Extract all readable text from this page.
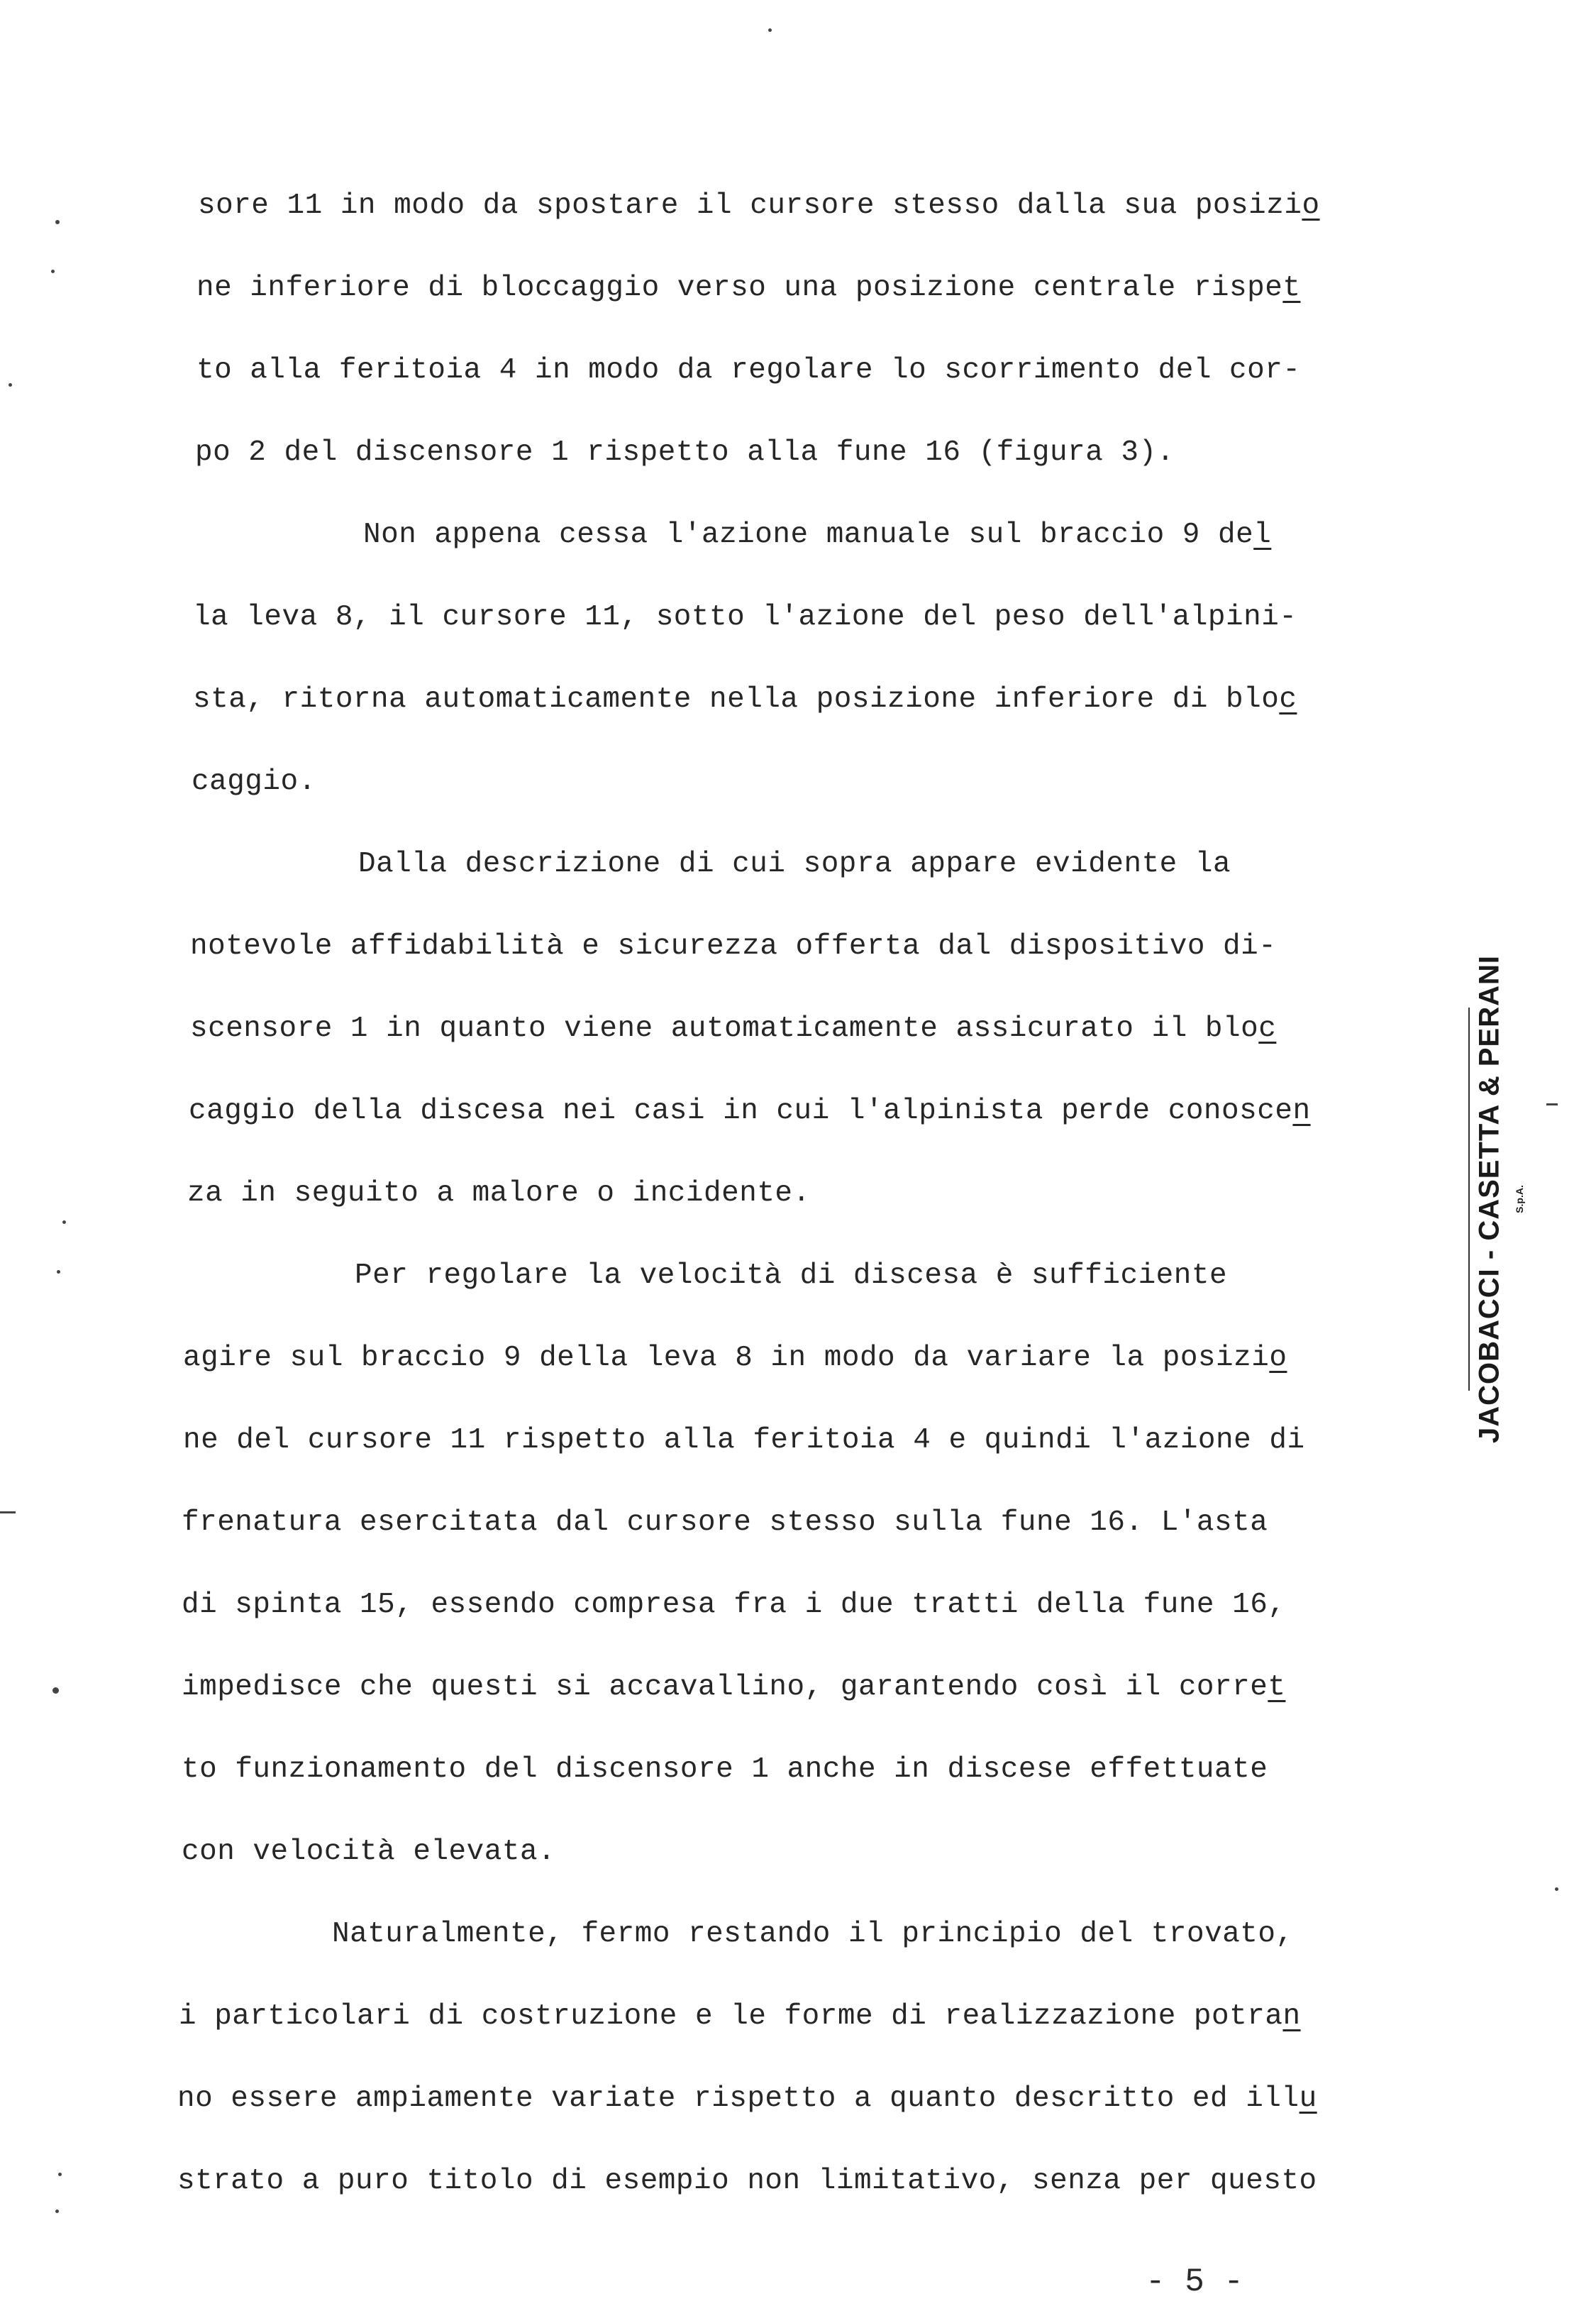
sore 11 in modo da spostare il cursore stesso dalla sua posizio
ne inferiore di bloccaggio verso una posizione centrale rispet
to alla feritoia 4 in modo da regolare lo scorrimento del cor-
po 2 del discensore 1 rispetto alla fune 16 (figura 3).
Non appena cessa l'azione manuale sul braccio 9 del
la leva 8, il cursore 11, sotto l'azione del peso dell'alpini-
sta, ritorna automaticamente nella posizione inferiore di bloc
caggio.
Dalla descrizione di cui sopra appare evidente la
notevole affidabilità e sicurezza offerta dal dispositivo di-
scensore 1 in quanto viene automaticamente assicurato il bloc
caggio della discesa nei casi in cui l'alpinista perde conoscen
za in seguito a malore o incidente.
Per regolare la velocità di discesa è sufficiente
agire sul braccio 9 della leva 8 in modo da variare la posizio
ne del cursore 11 rispetto alla feritoia 4 e quindi l'azione di
frenatura esercitata dal cursore stesso sulla fune 16. L'asta
di spinta 15, essendo compresa fra i due tratti della fune 16,
impedisce che questi si accavallino, garantendo così il corret
to funzionamento del discensore 1 anche in discese effettuate
con velocità elevata.
Naturalmente, fermo restando il principio del trovato,
i particolari di costruzione e le forme di realizzazione potran
no essere ampiamente variate rispetto a quanto descritto ed illu
strato a puro titolo di esempio non limitativo, senza per questo
- 5 -
JACOBACCI - CASETTA & PERANI S.p.A.
